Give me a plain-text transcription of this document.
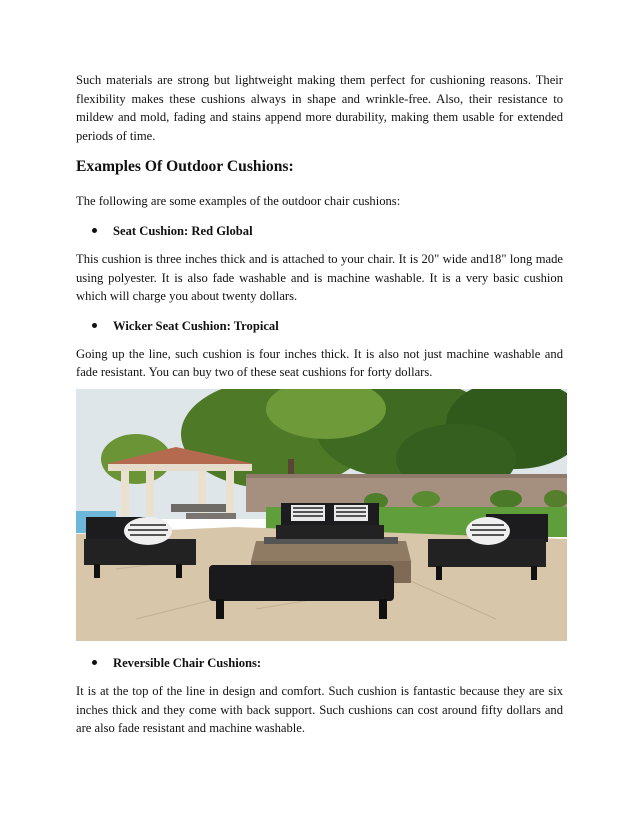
Such materials are strong but lightweight making them perfect for cushioning reasons. Their flexibility makes these cushions always in shape and wrinkle-free. Also, their resistance to mildew and mold, fading and stains append more durability, making them usable for extended periods of time.

Examples Of Outdoor Cushions:

The following are some examples of the outdoor chair cushions:

Seat Cushion: Red Global

This cushion is three inches thick and is attached to your chair. It is 20" wide and18" long made using polyester. It is also fade washable and is machine washable. It is a very basic cushion which will charge you about twenty dollars.

Wicker Seat Cushion: Tropical

Going up the line, such cushion is four inches thick. It is also not just machine washable and fade resistant. You can buy two of these seat cushions for forty dollars.

Reversible Chair Cushions:

It is at the top of the line in design and comfort. Such cushion is fantastic because they are six inches thick and they come with back support. Such cushions can cost around fifty dollars and are also fade resistant and machine washable.
